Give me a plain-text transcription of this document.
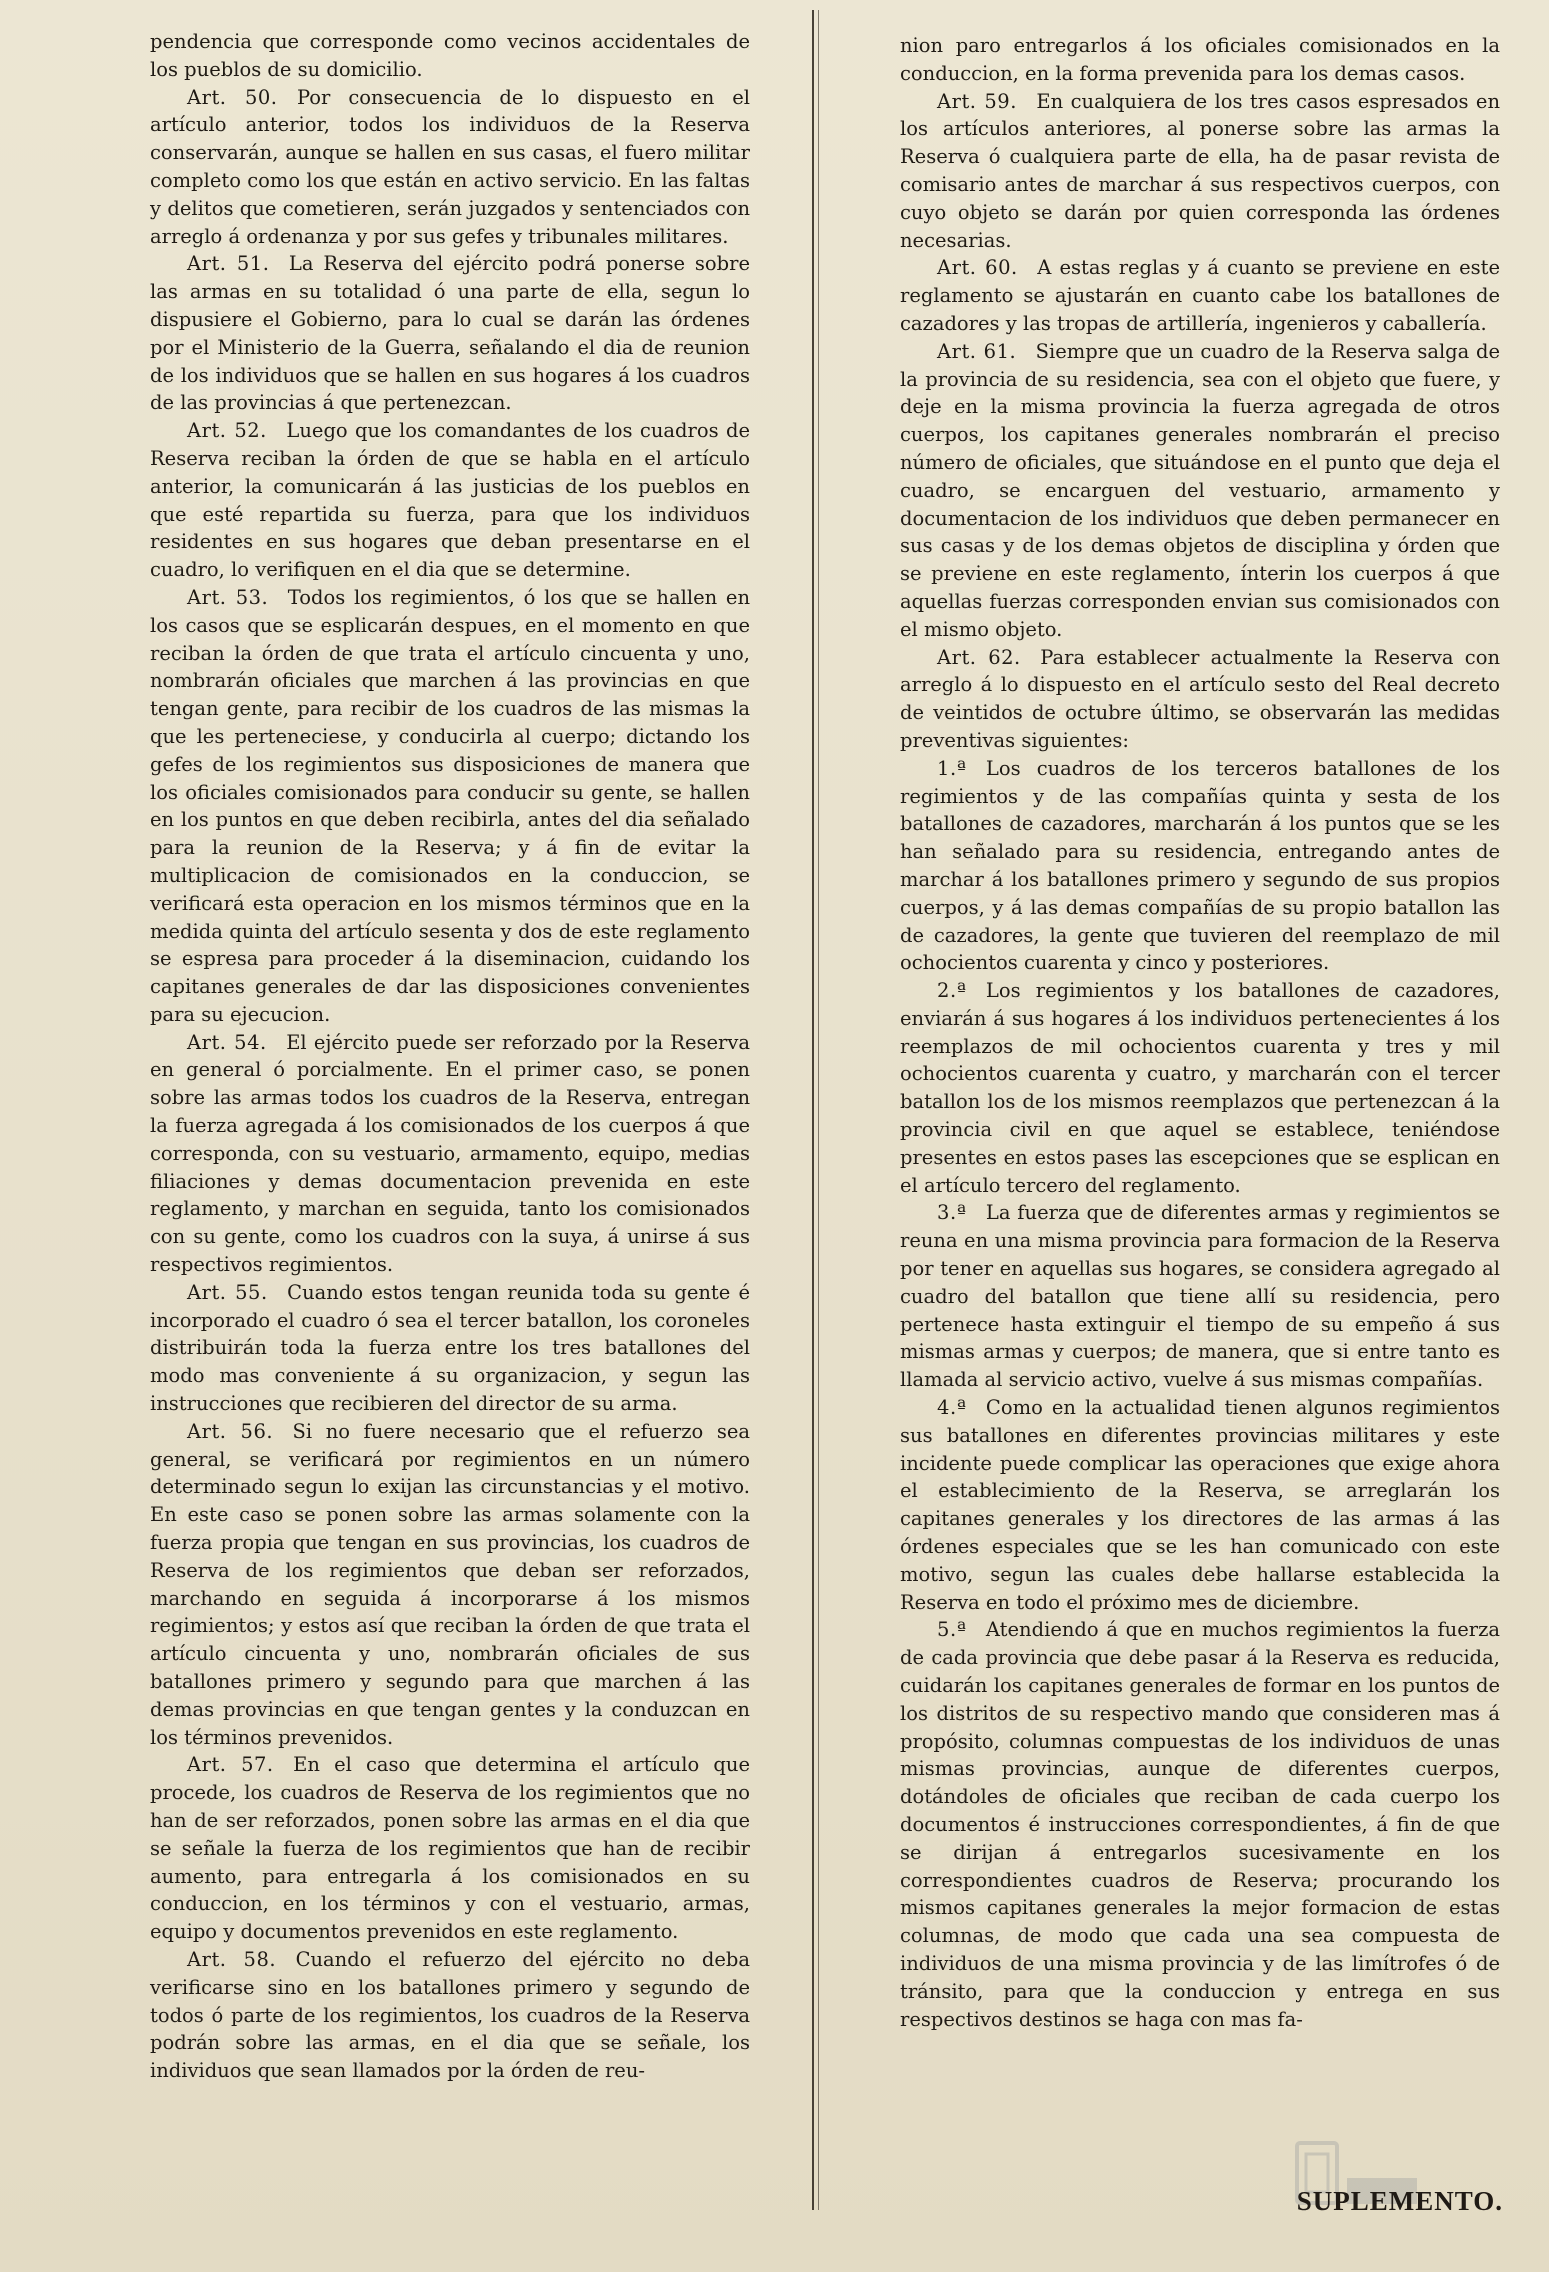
pendencia que corresponde como vecinos accidentales de los pueblos de su domicilio.

Art. 50.  Por consecuencia de lo dispuesto en el artículo anterior, todos los individuos de la Reserva conservarán, aunque se hallen en sus casas, el fuero militar completo como los que están en activo servicio. En las faltas y delitos que cometieren, serán juzgados y sentenciados con arreglo á ordenanza y por sus gefes y tribunales militares.

Art. 51.  La Reserva del ejército podrá ponerse sobre las armas en su totalidad ó una parte de ella, segun lo dispusiere el Gobierno, para lo cual se darán las órdenes por el Ministerio de la Guerra, señalando el dia de reunion de los individuos que se hallen en sus hogares á los cuadros de las provincias á que pertenezcan.

Art. 52.  Luego que los comandantes de los cuadros de Reserva reciban la órden de que se habla en el artículo anterior, la comunicarán á las justicias de los pueblos en que esté repartida su fuerza, para que los individuos residentes en sus hogares que deban presentarse en el cuadro, lo verifiquen en el dia que se determine.

Art. 53.  Todos los regimientos, ó los que se hallen en los casos que se esplicarán despues, en el momento en que reciban la órden de que trata el artículo cincuenta y uno, nombrarán oficiales que marchen á las provincias en que tengan gente, para recibir de los cuadros de las mismas la que les perteneciese, y conducirla al cuerpo; dictando los gefes de los regimientos sus disposiciones de manera que los oficiales comisionados para conducir su gente, se hallen en los puntos en que deben recibirla, antes del dia señalado para la reunion de la Reserva; y á fin de evitar la multiplicacion de comisionados en la conduccion, se verificará esta operacion en los mismos términos que en la medida quinta del artículo sesenta y dos de este reglamento se espresa para proceder á la diseminacion, cuidando los capitanes generales de dar las disposiciones convenientes para su ejecucion.

Art. 54.  El ejército puede ser reforzado por la Reserva en general ó porcialmente. En el primer caso, se ponen sobre las armas todos los cuadros de la Reserva, entregan la fuerza agregada á los comisionados de los cuerpos á que corresponda, con su vestuario, armamento, equipo, medias filiaciones y demas documentacion prevenida en este reglamento, y marchan en seguida, tanto los comisionados con su gente, como los cuadros con la suya, á unirse á sus respectivos regimientos.

Art. 55.  Cuando estos tengan reunida toda su gente é incorporado el cuadro ó sea el tercer batallon, los coroneles distribuirán toda la fuerza entre los tres batallones del modo mas conveniente á su organizacion, y segun las instrucciones que recibieren del director de su arma.

Art. 56.  Si no fuere necesario que el refuerzo sea general, se verificará por regimientos en un número determinado segun lo exijan las circunstancias y el motivo. En este caso se ponen sobre las armas solamente con la fuerza propia que tengan en sus provincias, los cuadros de Reserva de los regimientos que deban ser reforzados, marchando en seguida á incorporarse á los mismos regimientos; y estos así que reciban la órden de que trata el artículo cincuenta y uno, nombrarán oficiales de sus batallones primero y segundo para que marchen á las demas provincias en que tengan gentes y la conduzcan en los términos prevenidos.

Art. 57.  En el caso que determina el artículo que procede, los cuadros de Reserva de los regimientos que no han de ser reforzados, ponen sobre las armas en el dia que se señale la fuerza de los regimientos que han de recibir aumento, para entregarla á los comisionados en su conduccion, en los términos y con el vestuario, armas, equipo y documentos prevenidos en este reglamento.

Art. 58.  Cuando el refuerzo del ejército no deba verificarse sino en los batallones primero y segundo de todos ó parte de los regimientos, los cuadros de la Reserva podrán sobre las armas, en el dia que se señale, los individuos que sean llamados por la órden de reu-

nion paro entregarlos á los oficiales comisionados en la conduccion, en la forma prevenida para los demas casos.

Art. 59.  En cualquiera de los tres casos espresados en los artículos anteriores, al ponerse sobre las armas la Reserva ó cualquiera parte de ella, ha de pasar revista de comisario antes de marchar á sus respectivos cuerpos, con cuyo objeto se darán por quien corresponda las órdenes necesarias.

Art. 60.  A estas reglas y á cuanto se previene en este reglamento se ajustarán en cuanto cabe los batallones de cazadores y las tropas de artillería, ingenieros y caballería.

Art. 61.  Siempre que un cuadro de la Reserva salga de la provincia de su residencia, sea con el objeto que fuere, y deje en la misma provincia la fuerza agregada de otros cuerpos, los capitanes generales nombrarán el preciso número de oficiales, que situándose en el punto que deja el cuadro, se encarguen del vestuario, armamento y documentacion de los individuos que deben permanecer en sus casas y de los demas objetos de disciplina y órden que se previene en este reglamento, ínterin los cuerpos á que aquellas fuerzas corresponden envian sus comisionados con el mismo objeto.

Art. 62.  Para establecer actualmente la Reserva con arreglo á lo dispuesto en el artículo sesto del Real decreto de veintidos de octubre último, se observarán las medidas preventivas siguientes:

1.ª  Los cuadros de los terceros batallones de los regimientos y de las compañías quinta y sesta de los batallones de cazadores, marcharán á los puntos que se les han señalado para su residencia, entregando antes de marchar á los batallones primero y segundo de sus propios cuerpos, y á las demas compañías de su propio batallon las de cazadores, la gente que tuvieren del reemplazo de mil ochocientos cuarenta y cinco y posteriores.

2.ª  Los regimientos y los batallones de cazadores, enviarán á sus hogares á los individuos pertenecientes á los reemplazos de mil ochocientos cuarenta y tres y mil ochocientos cuarenta y cuatro, y marcharán con el tercer batallon los de los mismos reemplazos que pertenezcan á la provincia civil en que aquel se establece, teniéndose presentes en estos pases las escepciones que se esplican en el artículo tercero del reglamento.

3.ª  La fuerza que de diferentes armas y regimientos se reuna en una misma provincia para formacion de la Reserva por tener en aquellas sus hogares, se considera agregado al cuadro del batallon que tiene allí su residencia, pero pertenece hasta extinguir el tiempo de su empeño á sus mismas armas y cuerpos; de manera, que si entre tanto es llamada al servicio activo, vuelve á sus mismas compañías.

4.ª  Como en la actualidad tienen algunos regimientos sus batallones en diferentes provincias militares y este incidente puede complicar las operaciones que exige ahora el establecimiento de la Reserva, se arreglarán los capitanes generales y los directores de las armas á las órdenes especiales que se les han comunicado con este motivo, segun las cuales debe hallarse establecida la Reserva en todo el próximo mes de diciembre.

5.ª  Atendiendo á que en muchos regimientos la fuerza de cada provincia que debe pasar á la Reserva es reducida, cuidarán los capitanes generales de formar en los puntos de los distritos de su respectivo mando que consideren mas á propósito, columnas compuestas de los individuos de unas mismas provincias, aunque de diferentes cuerpos, dotándoles de oficiales que reciban de cada cuerpo los documentos é instrucciones correspondientes, á fin de que se dirijan á entregarlos sucesivamente en los correspondientes cuadros de Reserva; procurando los mismos capitanes generales la mejor formacion de estas columnas, de modo que cada una sea compuesta de individuos de una misma provincia y de las limítrofes ó de tránsito, para que la conduccion y entrega en sus respectivos destinos se haga con mas fa-

SUPLEMENTO.
